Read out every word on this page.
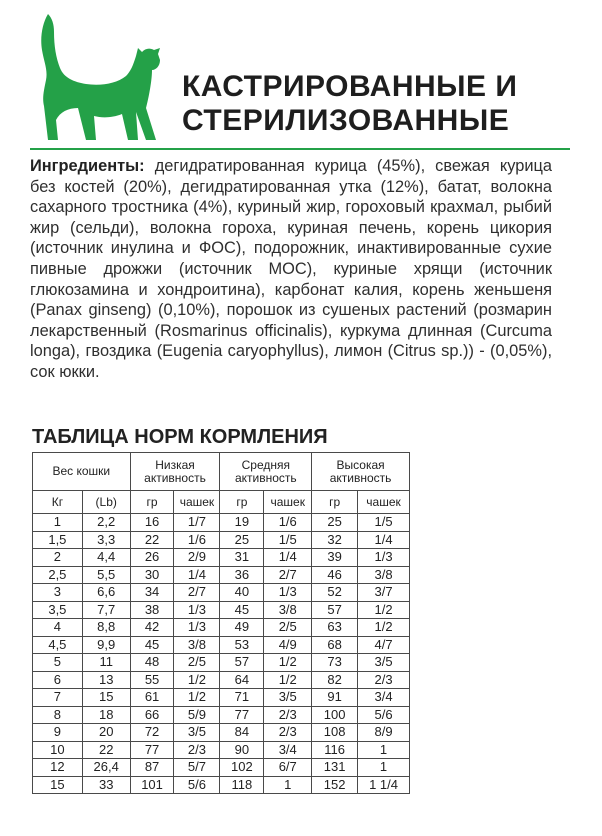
КАСТРИРОВАННЫЕ И
СТЕРИЛИЗОВАННЫЕ

Ингредиенты: дегидратированная курица (45%), свежая курица без костей (20%), дегидратированная утка (12%), батат, волокна сахарного тростника (4%), куриный жир, гороховый крахмал, рыбий жир (сельди), волокна гороха, куриная печень, корень цикория (источник инулина и ФОС), подорожник, инактивированные сухие пивные дрожжи (источник МОС), куриные хрящи (источник глюкозамина и хондроитина), карбонат калия, корень женьшеня (Panax ginseng) (0,10%), порошок из сушеных растений (розмарин лекарственный (Rosmarinus officinalis), куркума длинная (Curcuma longa), гвоздика (Eugenia caryophyllus), лимон (Citrus sp.)) - (0,05%), сок юкки.

ТАБЛИЦА НОРМ КОРМЛЕНИЯ
Вес кошки		Низкая активность		Средняя активность		Высокая активность	
Кг	(Lb)	гр	чашек	гр	чашек	гр	чашек
1	2,2	16	1/7	19	1/6	25	1/5
1,5	3,3	22	1/6	25	1/5	32	1/4
2	4,4	26	2/9	31	1/4	39	1/3
2,5	5,5	30	1/4	36	2/7	46	3/8
3	6,6	34	2/7	40	1/3	52	3/7
3,5	7,7	38	1/3	45	3/8	57	1/2
4	8,8	42	1/3	49	2/5	63	1/2
4,5	9,9	45	3/8	53	4/9	68	4/7
5	11	48	2/5	57	1/2	73	3/5
6	13	55	1/2	64	1/2	82	2/3
7	15	61	1/2	71	3/5	91	3/4
8	18	66	5/9	77	2/3	100	5/6
9	20	72	3/5	84	2/3	108	8/9
10	22	77	2/3	90	3/4	116	1
12	26,4	87	5/7	102	6/7	131	1
15	33	101	5/6	118	1	152	1 1/4
